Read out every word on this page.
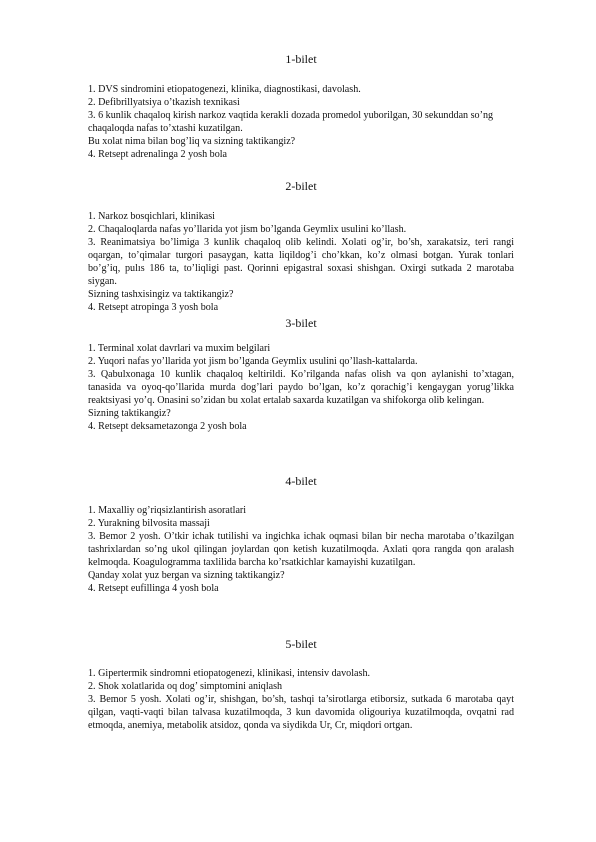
1-bilet

1. DVS sindromini etiopatogenezi, klinika, diagnostikasi, davolash.

2. Defibrillyatsiya o’tkazish texnikasi

3. 6 kunlik chaqaloq kirish narkoz vaqtida kerakli dozada promedol yuborilgan, 30 sekunddan so’ng chaqaloqda nafas to’xtashi kuzatilgan.

Bu xolat nima bilan bog’liq va sizning taktikangiz?

4. Retsept adrenalinga 2 yosh bola

2-bilet

1. Narkoz bosqichlari, klinikasi

2. Chaqaloqlarda nafas yo’llarida yot jism bo’lganda Geymlix usulini ko’llash.

3. Reanimatsiya bo’limiga 3 kunlik chaqaloq olib kelindi. Xolati og’ir, bo’sh, xarakatsiz, teri rangi oqargan, to’qimalar turgori pasaygan, katta liqildog’i cho’kkan, ko’z olmasi botgan. Yurak tonlari bo’g’iq, pulıs 186 ta, to’liqligi past. Qorinni epigastral soxasi shishgan. Oxirgi sutkada 2 marotaba siygan.

Sizning tashxisingiz va taktikangiz?

4. Retsept atropinga 3 yosh bola

3-bilet

1. Terminal xolat davrlari va muxim belgilari

2. Yuqori nafas yo’llarida yot jism bo’lganda Geymlix usulini qo’llash-kattalarda.

3. Qabulxonaga 10 kunlik chaqaloq keltirildi. Ko’rilganda nafas olish va qon aylanishi to’xtagan, tanasida va oyoq-qo’llarida murda dog’lari paydo bo’lgan, ko’z qorachig’i kengaygan yorug’likka reaktsiyasi yo’q. Onasini so’zidan bu xolat ertalab saxarda kuzatilgan va shifokorga olib kelingan.

Sizning taktikangiz?

4. Retsept deksametazonga 2 yosh bola

4-bilet

1. Maxalliy og’riqsizlantirish asoratlari

2. Yurakning bilvosita massaji

3. Bemor 2 yosh. O’tkir ichak tutilishi va ingichka ichak oqmasi bilan bir necha marotaba o’tkazilgan tashrixlardan so’ng ukol qilingan joylardan qon ketish kuzatilmoqda. Axlati qora rangda qon aralash kelmoqda. Koagulogramma taxlilida barcha ko’rsatkichlar kamayishi kuzatilgan.

Qanday xolat yuz bergan va sizning taktikangiz?

4. Retsept eufillinga 4 yosh bola

5-bilet

1. Gipertermik sindromni etiopatogenezi, klinikasi, intensiv davolash.

2. Shok xolatlarida oq dog’ simptomini aniqlash

3. Bemor 5 yosh. Xolati og’ir, shishgan, bo’sh, tashqi ta’sirotlarga etiborsiz, sutkada 6 marotaba qayt qilgan, vaqti-vaqti bilan talvasa kuzatilmoqda, 3 kun davomida oligouriya kuzatilmoqda, ovqatni rad etmoqda, anemiya, metabolik atsidoz, qonda va siydikda Ur, Cr, miqdori ortgan.
